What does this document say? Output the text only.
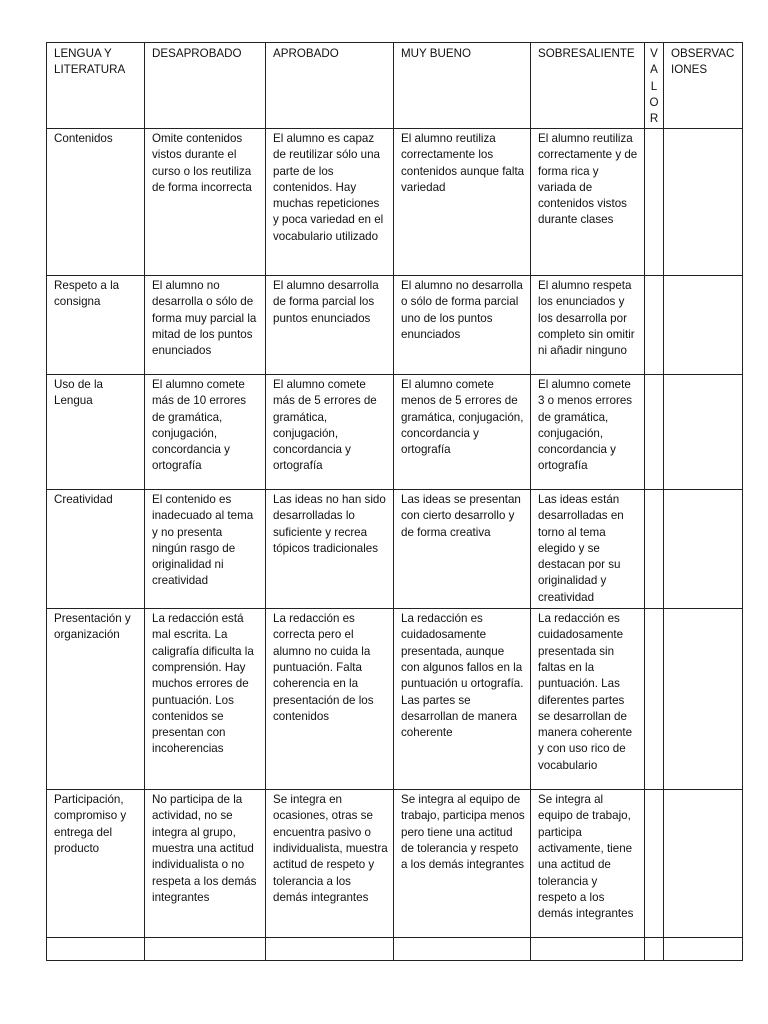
LENGUA Y LITERATURA	DESAPROBADO	APROBADO	MUY BUENO	SOBRESALIENTE	VALOR	OBSERVACIONES
Contenidos	Omite contenidos vistos durante el curso o los reutiliza de forma incorrecta	El alumno es capaz de reutilizar sólo una parte de los contenidos. Hay muchas repeticiones y poca variedad en el vocabulario utilizado	El alumno reutiliza correctamente los contenidos aunque falta variedad	El alumno reutiliza correctamente y de forma rica y variada de contenidos vistos durante clases		
Respeto a la consigna	El alumno no desarrolla o sólo de forma muy parcial la mitad de los puntos enunciados	El alumno desarrolla de forma parcial los puntos enunciados	El alumno no desarrolla o sólo de forma parcial uno de los puntos enunciados	El alumno respeta los enunciados y los desarrolla por completo sin omitir ni añadir ninguno		
Uso de la Lengua	El alumno comete más de 10 errores de gramática, conjugación, concordancia y ortografía	El alumno comete más de 5 errores de gramática, conjugación, concordancia y ortografía	El alumno comete menos de 5 errores de gramática, conjugación, concordancia y ortografía	El alumno comete 3 o menos errores de gramática, conjugación, concordancia y ortografía		
Creatividad	El contenido es inadecuado al tema y no presenta ningún rasgo de originalidad ni creatividad	Las ideas no han sido desarrolladas lo suficiente y recrea tópicos tradicionales	Las ideas se presentan con cierto desarrollo y de forma creativa	Las ideas están desarrolladas en torno al tema elegido y se destacan por su originalidad y creatividad		
Presentación y organización	La redacción está mal escrita. La caligrafía dificulta la comprensión. Hay muchos errores de puntuación. Los contenidos se presentan con incoherencias	La redacción es correcta pero el alumno no cuida la puntuación. Falta coherencia en la presentación de los contenidos	La redacción es cuidadosamente presentada, aunque con algunos fallos en la puntuación u ortografía. Las partes se desarrollan de manera coherente	La redacción es cuidadosamente presentada sin faltas en la puntuación. Las diferentes partes se desarrollan de manera coherente y con uso rico de vocabulario		
Participación, compromiso y entrega del producto	No participa de la actividad, no se integra al grupo, muestra una actitud individualista o no respeta a los demás integrantes	Se integra en ocasiones, otras se encuentra pasivo o individualista, muestra actitud de respeto y tolerancia a los demás integrantes	Se integra al equipo de trabajo, participa menos pero tiene una actitud de tolerancia y respeto a los demás integrantes	Se integra al equipo de trabajo, participa activamente, tiene una actitud de tolerancia y respeto a los demás integrantes		
